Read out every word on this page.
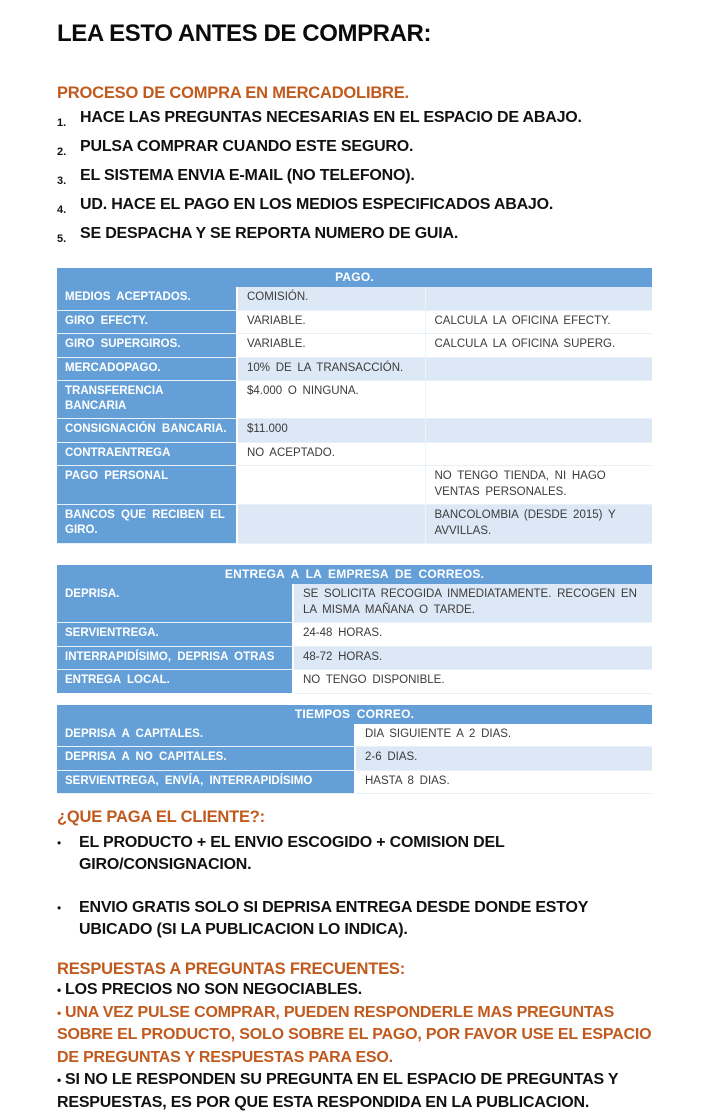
LEA ESTO ANTES DE COMPRAR:
PROCESO DE COMPRA EN MERCADOLIBRE.
1. HACE LAS PREGUNTAS NECESARIAS EN EL ESPACIO DE ABAJO.
2. PULSA COMPRAR CUANDO ESTE SEGURO.
3. EL SISTEMA ENVIA E-MAIL (NO TELEFONO).
4. UD. HACE EL PAGO EN LOS MEDIOS ESPECIFICADOS ABAJO.
5. SE DESPACHA Y SE REPORTA NUMERO DE GUIA.
PAGO.		
MEDIOS ACEPTADOS.	COMISIÓN.	
GIRO EFECTY.	VARIABLE.	CALCULA LA OFICINA EFECTY.
GIRO SUPERGIROS.	VARIABLE.	CALCULA LA OFICINA SUPERG.
MERCADOPAGO.	10% DE LA TRANSACCIÓN.	
TRANSFERENCIA BANCARIA	$4.000 O NINGUNA.	
CONSIGNACIÓN BANCARIA.	$11.000	
CONTRAENTREGA	NO ACEPTADO.	
PAGO PERSONAL		NO TENGO TIENDA, NI HAGO VENTAS PERSONALES.
BANCOS QUE RECIBEN EL GIRO.		BANCOLOMBIA (DESDE 2015) Y AVVILLAS.
ENTREGA A LA EMPRESA DE CORREOS.	
DEPRISA.	SE SOLICITA RECOGIDA INMEDIATAMENTE. RECOGEN EN LA MISMA MAÑANA O TARDE.
SERVIENTREGA.	24-48 HORAS.
INTERRAPIDÍSIMO, DEPRISA OTRAS	48-72 HORAS.
ENTREGA LOCAL.	NO TENGO DISPONIBLE.
TIEMPOS CORREO.	
DEPRISA A CAPITALES.	DIA SIGUIENTE A 2 DIAS.
DEPRISA A NO CAPITALES.	2-6 DIAS.
SERVIENTREGA, ENVÍA, INTERRAPIDÍSIMO	HASTA 8 DIAS.
¿QUE PAGA EL CLIENTE?:
•	EL PRODUCTO + EL ENVIO ESCOGIDO + COMISION DEL GIRO/CONSIGNACION.
•	ENVIO GRATIS SOLO SI DEPRISA ENTREGA DESDE DONDE ESTOY UBICADO (SI LA PUBLICACION LO INDICA).
RESPUESTAS A PREGUNTAS FRECUENTES:
• LOS PRECIOS NO SON NEGOCIABLES.
• UNA VEZ PULSE COMPRAR, PUEDEN RESPONDERLE MAS PREGUNTAS SOBRE EL PRODUCTO, SOLO SOBRE EL PAGO, POR FAVOR USE EL ESPACIO DE PREGUNTAS Y RESPUESTAS PARA ESO.
• SI NO LE RESPONDEN SU PREGUNTA EN EL ESPACIO DE PREGUNTAS Y RESPUESTAS, ES POR QUE ESTA RESPONDIDA EN LA PUBLICACION.
